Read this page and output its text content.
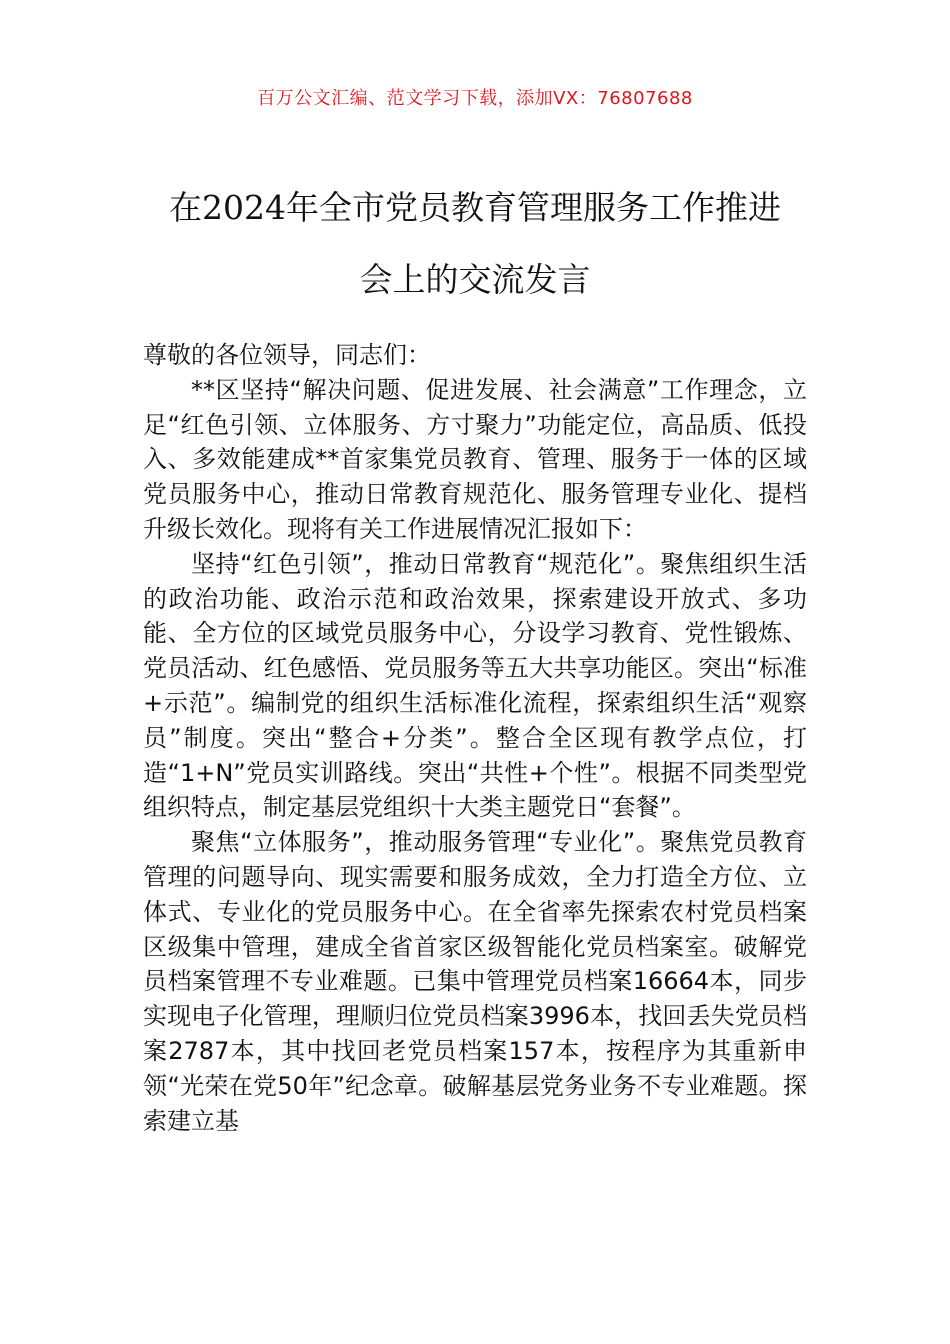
百万公文汇编、范文学习下载，添加VX：76807688
在2024年全市党员教育管理服务工作推进
会上的交流发言

尊敬的各位领导，同志们：

**区坚持“解决问题、促进发展、社会满意”工作理念，立足“红色引领、立体服务、方寸聚力”功能定位，高品质、低投入、多效能建成**首家集党员教育、管理、服务于一体的区域党员服务中心，推动日常教育规范化、服务管理专业化、提档升级长效化。现将有关工作进展情况汇报如下：

坚持“红色引领”，推动日常教育“规范化”。聚焦组织生活的政治功能、政治示范和政治效果，探索建设开放式、多功能、全方位的区域党员服务中心，分设学习教育、党性锻炼、党员活动、红色感悟、党员服务等五大共享功能区。突出“标准+示范”。编制党的组织生活标准化流程，探索组织生活“观察员”制度。突出“整合+分类”。整合全区现有教学点位，打造“1+N”党员实训路线。突出“共性+个性”。根据不同类型党组织特点，制定基层党组织十大类主题党日“套餐”。

聚焦“立体服务”，推动服务管理“专业化”。聚焦党员教育管理的问题导向、现实需要和服务成效，全力打造全方位、立体式、专业化的党员服务中心。在全省率先探索农村党员档案区级集中管理，建成全省首家区级智能化党员档案室。破解党员档案管理不专业难题。已集中管理党员档案16664本，同步实现电子化管理，理顺归位党员档案3996本，找回丢失党员档案2787本，其中找回老党员档案157本，按程序为其重新申领“光荣在党50年”纪念章。破解基层党务业务不专业难题。探索建立基
